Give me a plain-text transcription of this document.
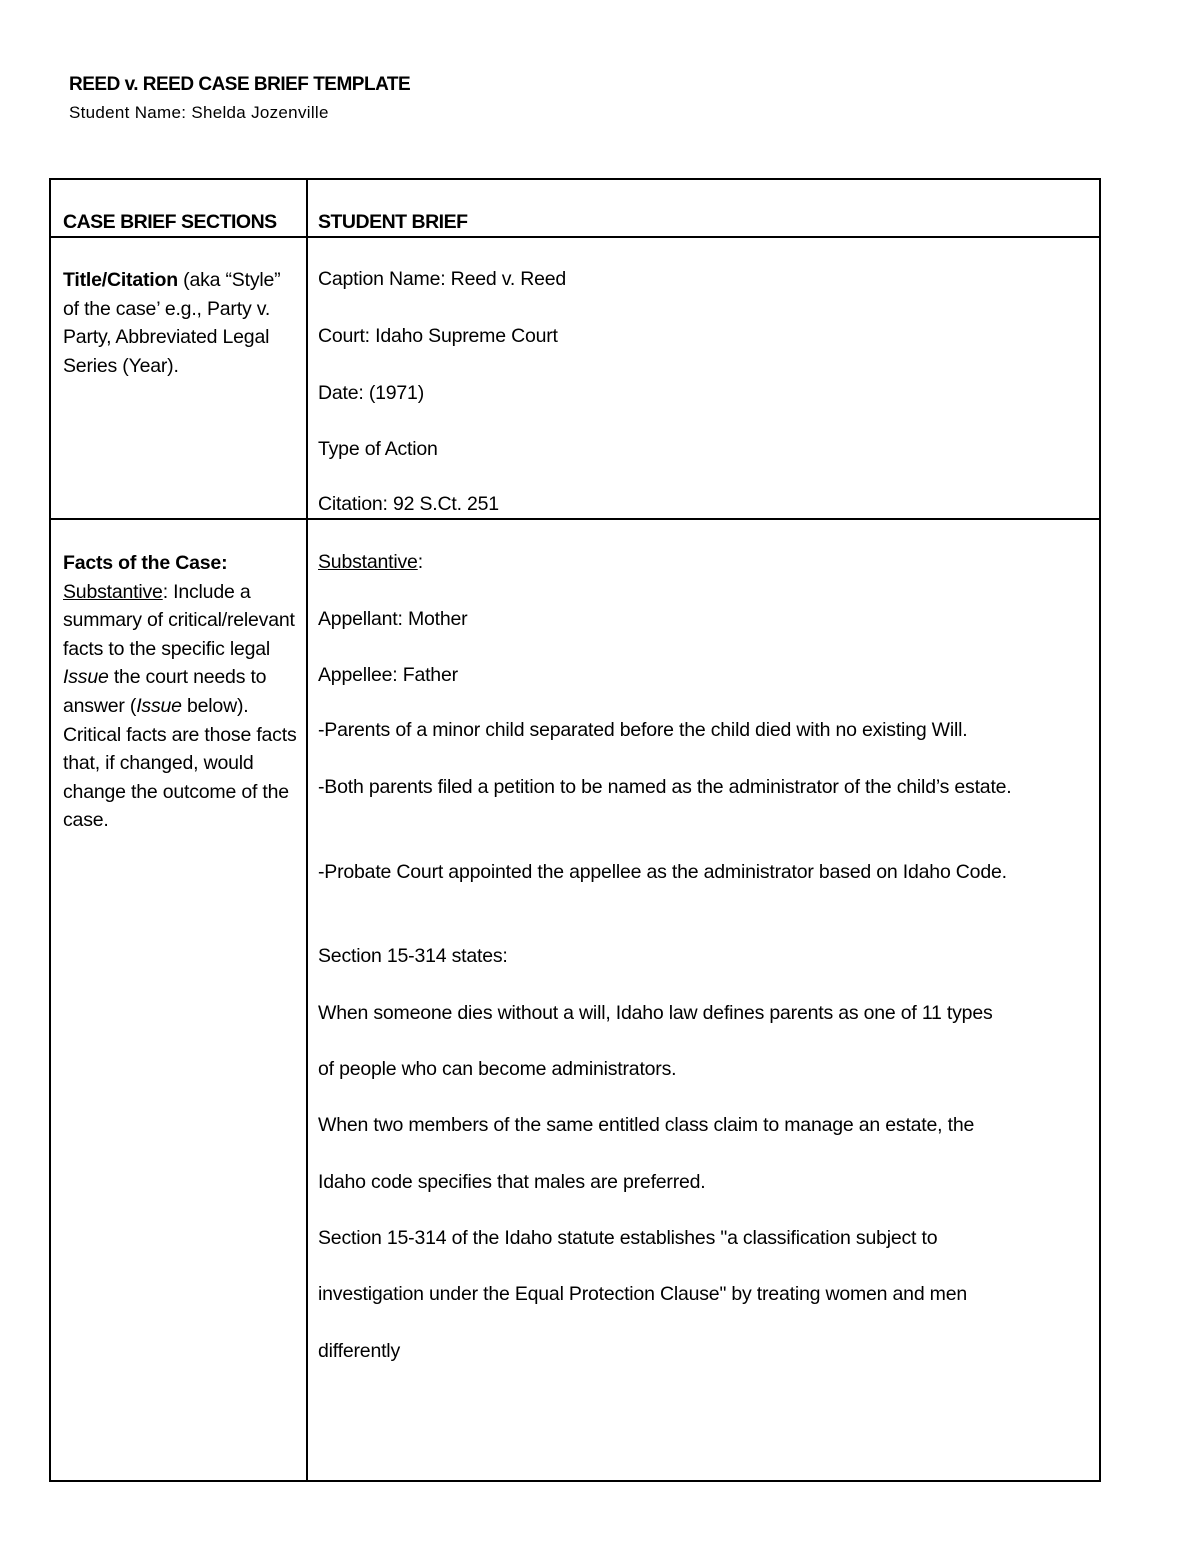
REED v. REED CASE BRIEF TEMPLATE
Student Name: Shelda Jozenville
CASE BRIEF SECTIONS	STUDENT BRIEF
Title/Citation (aka “Style” of the case’ e.g., Party v. Party, Abbreviated Legal Series (Year).
Caption Name: Reed v. Reed
Court: Idaho Supreme Court
Date: (1971)
Type of Action
Citation: 92 S.Ct. 251
Facts of the Case:
Substantive: Include a summary of critical/relevant facts to the specific legal Issue the court needs to answer (Issue below). Critical facts are those facts that, if changed, would change the outcome of the case.
Substantive:
Appellant: Mother
Appellee: Father
-Parents of a minor child separated before the child died with no existing Will.
-Both parents filed a petition to be named as the administrator of the child’s estate.
-Probate Court appointed the appellee as the administrator based on Idaho Code.
Section 15-314 states:
When someone dies without a will, Idaho law defines parents as one of 11 types
of people who can become administrators.
When two members of the same entitled class claim to manage an estate, the
Idaho code specifies that males are preferred.
Section 15-314 of the Idaho statute establishes "a classification subject to
investigation under the Equal Protection Clause" by treating women and men
differently
